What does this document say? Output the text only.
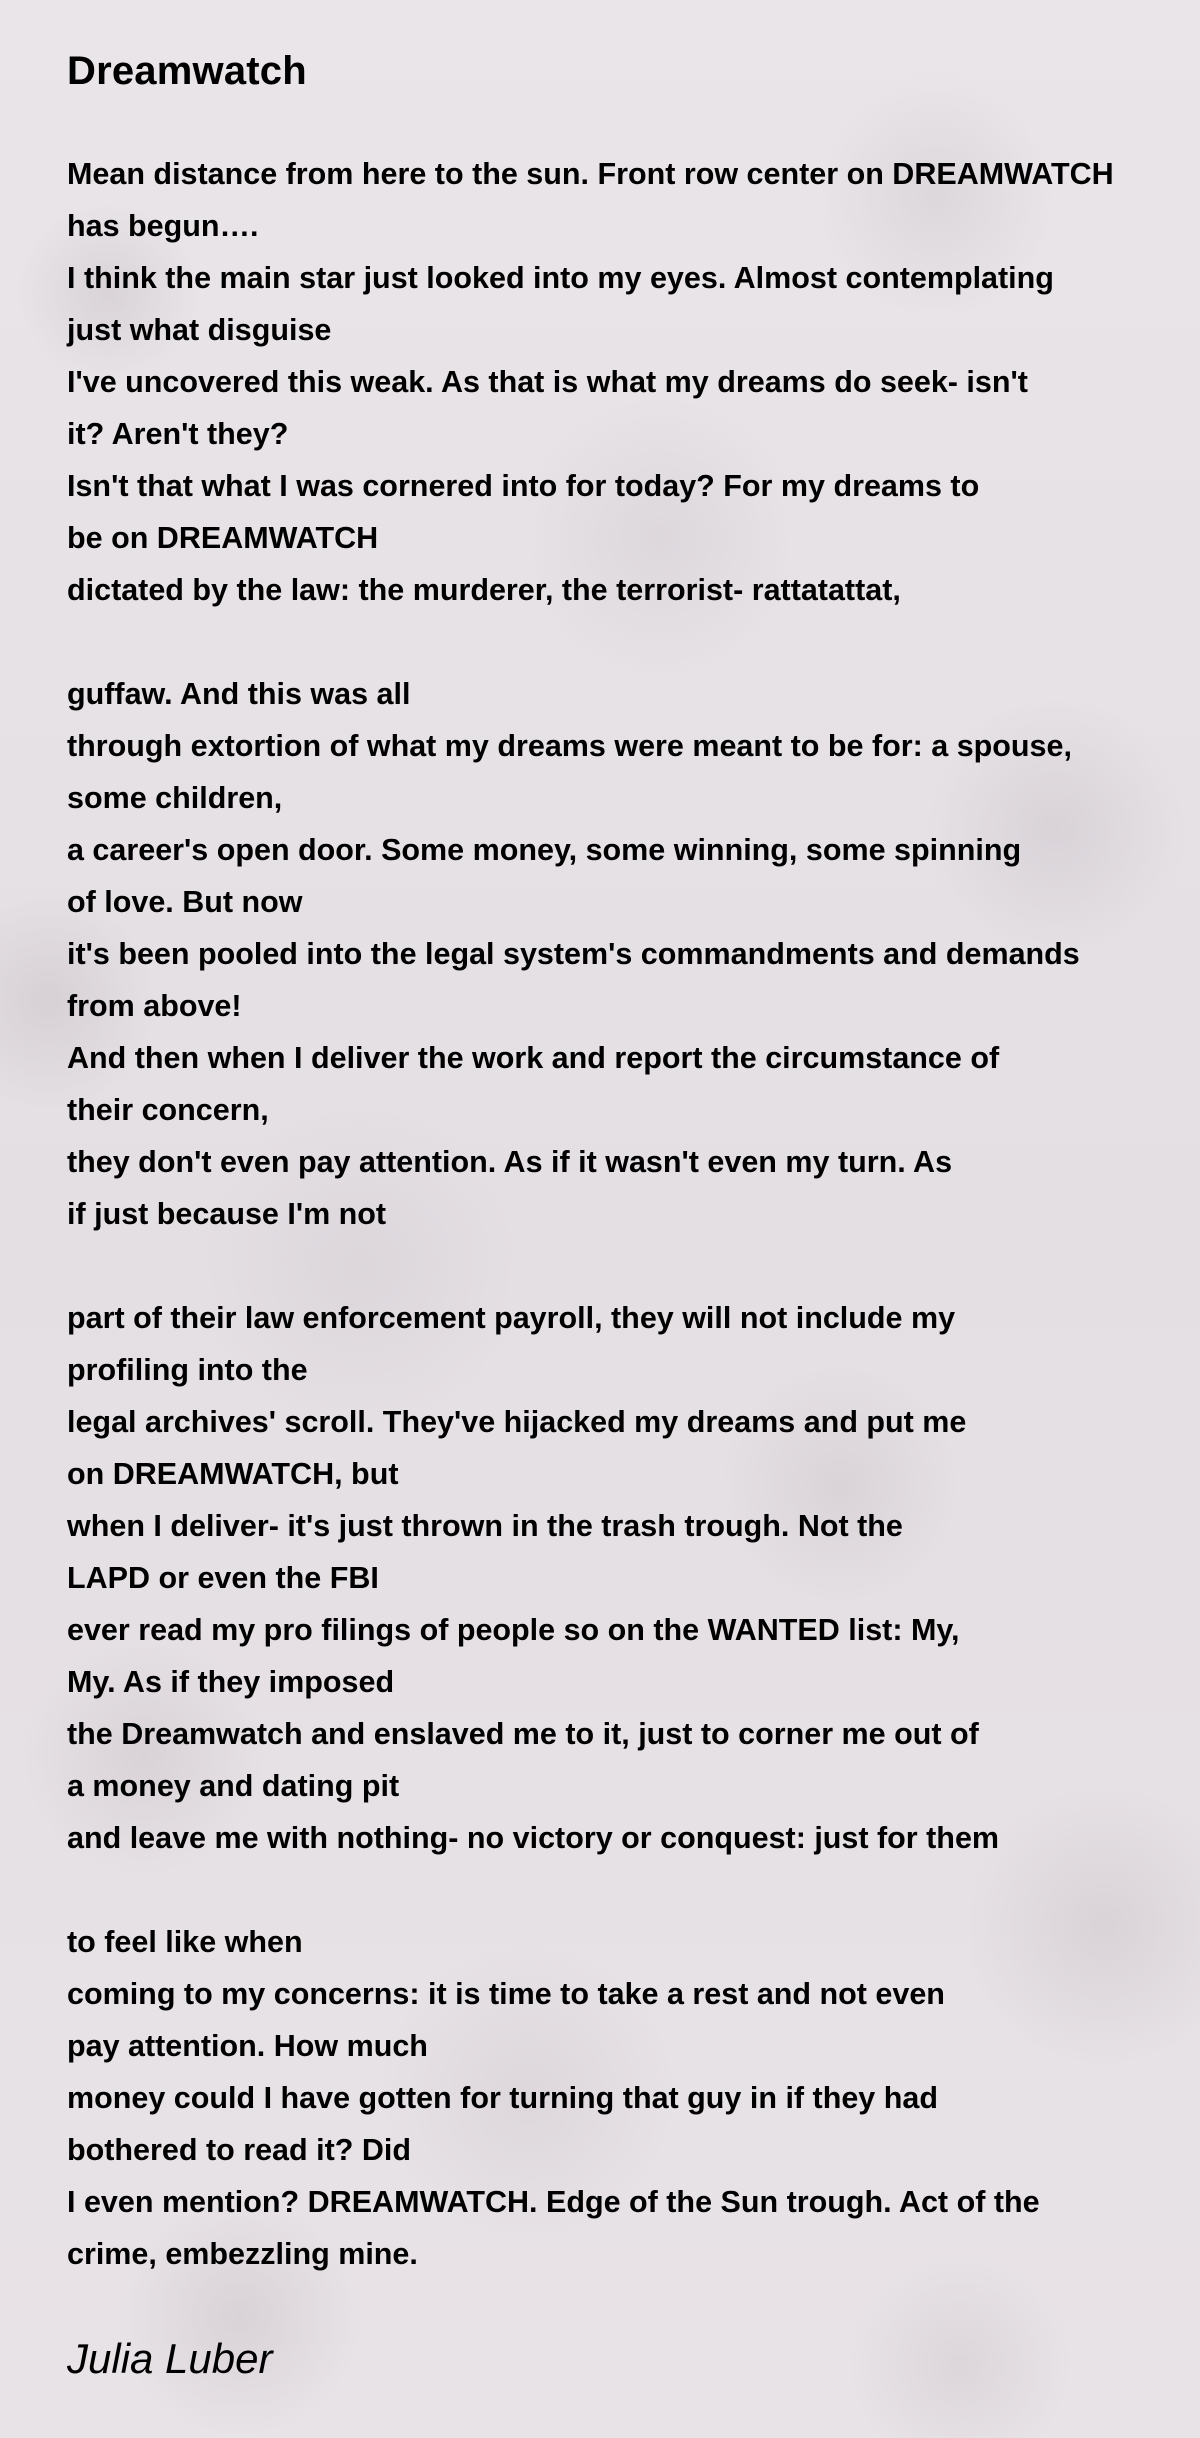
Dreamwatch
Mean distance from here to the sun. Front row center on DREAMWATCH
has begun….
I think the main star just looked into my eyes. Almost contemplating
just what disguise
I've uncovered this weak. As that is what my dreams do seek- isn't
it? Aren't they?
Isn't that what I was cornered into for today? For my dreams to
be on DREAMWATCH
dictated by the law: the murderer, the terrorist- rattatattat,
guffaw. And this was all
through extortion of what my dreams were meant to be for: a spouse,
some children,
a career's open door. Some money, some winning, some spinning
of love. But now
it's been pooled into the legal system's commandments and demands
from above!
And then when I deliver the work and report the circumstance of
their concern,
they don't even pay attention. As if it wasn't even my turn. As
if just because I'm not
part of their law enforcement payroll, they will not include my
profiling into the
legal archives' scroll. They've hijacked my dreams and put me
on DREAMWATCH, but
when I deliver- it's just thrown in the trash trough. Not the
LAPD or even the FBI
ever read my pro filings of people so on the WANTED list: My,
My. As if they imposed
the Dreamwatch and enslaved me to it, just to corner me out of
a money and dating pit
and leave me with nothing- no victory or conquest: just for them
to feel like when
coming to my concerns: it is time to take a rest and not even
pay attention. How much
money could I have gotten for turning that guy in if they had
bothered to read it? Did
I even mention? DREAMWATCH. Edge of the Sun trough. Act of the
crime, embezzling mine.

Julia Luber
